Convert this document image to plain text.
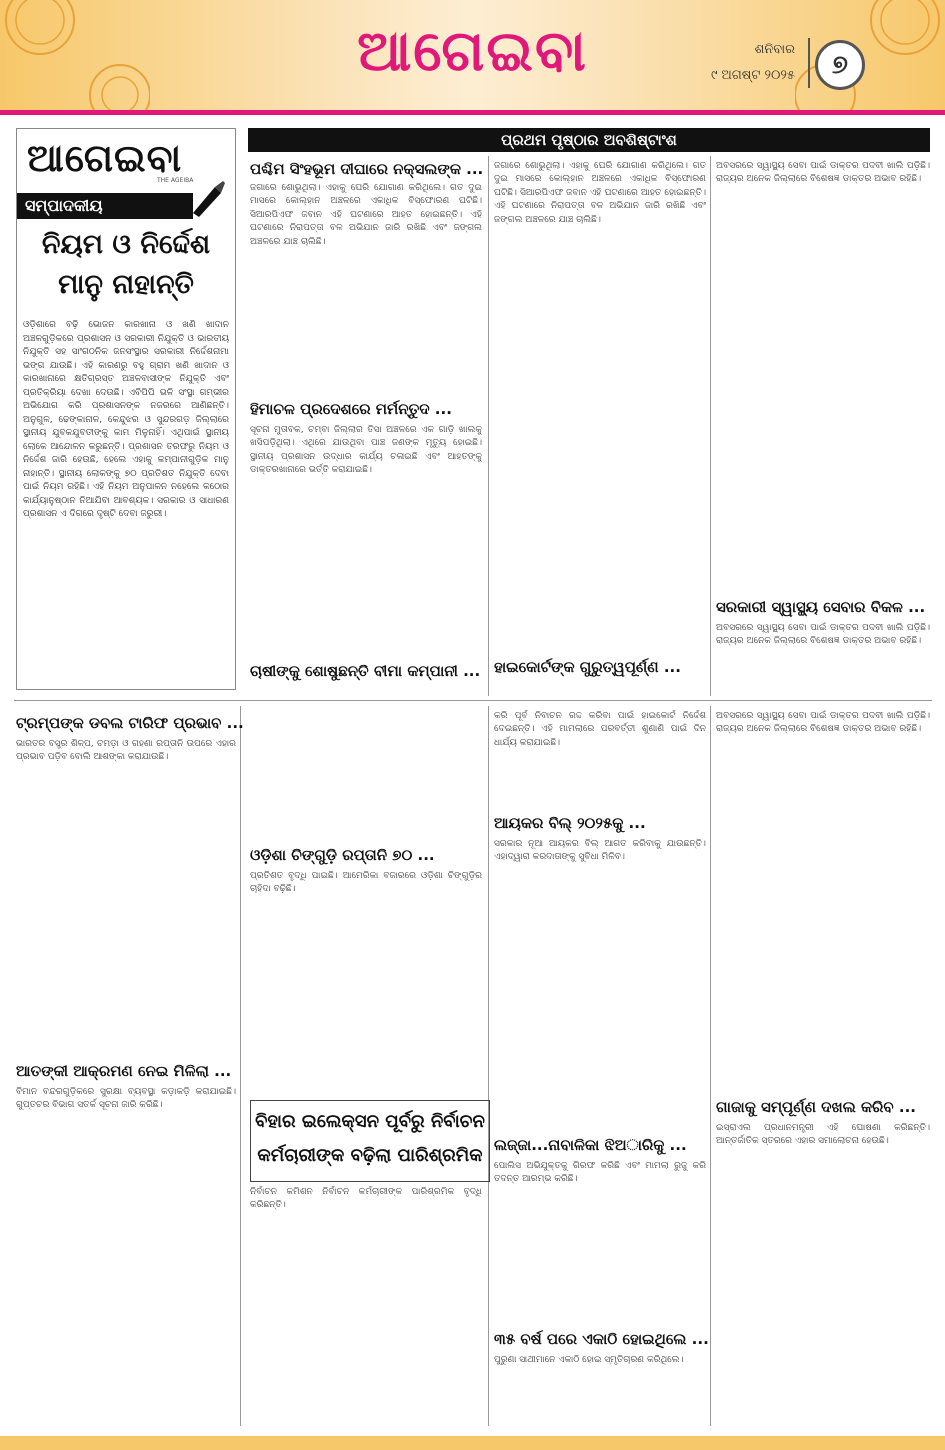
ଆଗେଇବା	ଶନିବାର
୯ ଅଗଷ୍ଟ ୨୦୨୫	୭
ଆଗେଇବା
THE AGEIBA
ସମ୍ପାଦକୀୟ
ନିୟମ ଓ ନିର୍ଦ୍ଦେଶ ମାନୁ ନାହାନ୍ତି
ଓଡ଼ିଶାରେ ବଢ଼ି ଭୋଜନ କାରଖାନା ଓ ଖଣି ଖାଦାନ ଅଞ୍ଚଳଗୁଡ଼ିକରେ ପ୍ରଶାସନ ଓ ସରକାରୀ ନିଯୁକ୍ତି ଓ ଭାରତୀୟ ନିଯୁକ୍ତି ସହ ସାଂଗଠନିକ ଜନସଂସ୍ଥାର ସରକାରୀ ନିର୍ଦ୍ଦେଶନାମା ଭଙ୍ଗ ଯାଉଛି। ଏହି କାରଣରୁ ବହୁ ଗ୍ରାମ ଖଣି ଖାଦାନ ଓ କାରଖାନାରେ କ୍ଷତିଗ୍ରସ୍ତ ଅଞ୍ଚଳବାସୀଙ୍କ ନିଯୁକ୍ତି ଏବଂ ପ୍ରତିକ୍ରିୟା ଦେଖା ଦେଉଛି। ଏବିପିପି ଭଳି ସଂସ୍ଥା ଗମ୍ଭୀର ଅଭିଯୋଗ କରି ପ୍ରଶାସନଙ୍କ ନଜରରେ ଆଣିଛନ୍ତି। ଅନୁଗୁଳ, ଢେଙ୍କାନାଳ, କେନ୍ଦୁଝର ଓ ସୁନ୍ଦରଗଡ଼ ଜିଲ୍ଲାରେ ସ୍ଥାନୀୟ ଯୁବକଯୁବତୀଙ୍କୁ କାମ ମିଳୁନାହିଁ। ଏଥିପାଇଁ ସ୍ଥାନୀୟ ଲୋକେ ଆନ୍ଦୋଳନ କରୁଛନ୍ତି। ପ୍ରଶାସନ ତରଫରୁ ନିୟମ ଓ ନିର୍ଦ୍ଦେଶ ଜାରି ହେଉଛି, ହେଲେ ଏହାକୁ କମ୍ପାନୀଗୁଡ଼ିକ ମାନୁ ନାହାନ୍ତି। ସ୍ଥାନୀୟ ଲୋକଙ୍କୁ ୭୦ ପ୍ରତିଶତ ନିଯୁକ୍ତି ଦେବା ପାଇଁ ନିୟମ ରହିଛି। ଏହି ନିୟମ ଅନୁପାଳନ ନହେଲେ କଠୋର କାର୍ଯ୍ୟାନୁଷ୍ଠାନ ନିଆଯିବା ଆବଶ୍ୟକ। ସରକାର ଓ ସାଧାରଣ ପ୍ରଶାସନ ଏ ଦିଗରେ ଦୃଷ୍ଟି ଦେବା ଜରୁରୀ।
ପ୍ରଥମ ପୃଷ୍ଠାର ଅବଶିଷ୍ଟାଂଶ
ପଶ୍ଚିମ ସିଂହଭୂମ ଦୀଘାରେ ନକ୍ସଲଙ୍କ ...
ଜଗାରେ ଶୋଭୁଥିଲା। ଏହାକୁ ଘେରି ଯୋଗାଣ କରିଥିଲେ। ଗତ ଦୁଇ ମାସରେ କୋଲ୍ହାନ ଅଞ୍ଚଳରେ ଏକାଧିକ ବିସ୍ଫୋରଣ ଘଟିଛି। ସିଆରପିଏଫ ଜବାନ ଏହି ଘଟଣାରେ ଆହତ ହୋଇଛନ୍ତି। ଏହି ଘଟଣାରେ ନିରାପତ୍ତା ବଳ ଅଭିଯାନ ଜାରି ରଖିଛି ଏବଂ ଜଙ୍ଗଲ ଅଞ୍ଚଳରେ ଯାଞ୍ଚ ଚାଲିଛି।
ହିମାଚଳ ପ୍ରଦେଶରେ ମର୍ମନ୍ତୁଦ ...
ସୂଚନା ମୁତାବକ, ଚମ୍ବା ଜିଲ୍ଲାର ତିସା ଅଞ୍ଚଳରେ ଏକ ଗାଡ଼ି ଖାଲକୁ ଖସିପଡ଼ିଥିଲା। ଏଥିରେ ଯାଉଥିବା ପାଞ୍ଚ ଜଣଙ୍କ ମୃତ୍ୟୁ ହୋଇଛି। ସ୍ଥାନୀୟ ପ୍ରଶାସନ ଉଦ୍ଧାର କାର୍ଯ୍ୟ ଚଳାଇଛି ଏବଂ ଆହତଙ୍କୁ ଡାକ୍ତରଖାନାରେ ଭର୍ତ୍ତି କରାଯାଇଛି।
ଜଗାରେ ଶୋଭୁଥିଲା। ଏହାକୁ ଘେରି ଯୋଗାଣ କରିଥିଲେ। ଗତ ଦୁଇ ମାସରେ କୋଲ୍ହାନ ଅଞ୍ଚଳରେ ଏକାଧିକ ବିସ୍ଫୋରଣ ଘଟିଛି। ସିଆରପିଏଫ ଜବାନ ଏହି ଘଟଣାରେ ଆହତ ହୋଇଛନ୍ତି। ଏହି ଘଟଣାରେ ନିରାପତ୍ତା ବଳ ଅଭିଯାନ ଜାରି ରଖିଛି ଏବଂ ଜଙ୍ଗଲ ଅଞ୍ଚଳରେ ଯାଞ୍ଚ ଚାଲିଛି।
ହାଇକୋର୍ଟଙ୍କ ଗୁରୁତ୍ୱପୂର୍ଣ୍ଣ ...
ଚାଷୀଙ୍କୁ ଶୋଷୁଛନ୍ତି ବୀମା କମ୍ପାନୀ ...
ଅବସରରେ ସ୍ୱାସ୍ଥ୍ୟ ସେବା ପାଇଁ ଡାକ୍ତର ପଦବୀ ଖାଲି ପଡ଼ିଛି। ରାଜ୍ୟର ଅନେକ ଜିଲ୍ଲାରେ ବିଶେଷଜ୍ଞ ଡାକ୍ତର ଅଭାବ ରହିଛି।
ସରକାରୀ ସ୍ୱାସ୍ଥ୍ୟ ସେବାର ବିକଳ ...
ଅବସରରେ ସ୍ୱାସ୍ଥ୍ୟ ସେବା ପାଇଁ ଡାକ୍ତର ପଦବୀ ଖାଲି ପଡ଼ିଛି। ରାଜ୍ୟର ଅନେକ ଜିଲ୍ଲାରେ ବିଶେଷଜ୍ଞ ଡାକ୍ତର ଅଭାବ ରହିଛି।
ଟ୍ରମ୍ପଙ୍କ ଡବଲ ଟାରିଫ ପ୍ରଭାବ ...
ଭାରତର ବସ୍ତ୍ର ଶିଳ୍ପ, ଚମଡ଼ା ଓ ଗହଣା ରପ୍ତାନି ଉପରେ ଏହାର ପ୍ରଭାବ ପଡ଼ିବ ବୋଲି ଆଶଙ୍କା କରାଯାଉଛି।
ଓଡ଼ିଶା ଚିଙ୍ଗୁଡ଼ି ରପ୍ତାନି ୭୦ ...
ପ୍ରତିଶତ ବୃଦ୍ଧି ପାଇଛି। ଆମେରିକା ବଜାରରେ ଓଡ଼ିଶା ଚିଙ୍ଗୁଡ଼ିର ଚାହିଦା ବଢ଼ିଛି।
କରି ପୂର୍ବ ନିବାଚନ ରଦ୍ଦ କରିବା ପାଇଁ ହାଇକୋର୍ଟ ନିର୍ଦ୍ଦେଶ ଦେଇଛନ୍ତି। ଏହି ମାମଲାରେ ପରବର୍ତ୍ତୀ ଶୁଣାଣି ପାଇଁ ଦିନ ଧାର୍ଯ୍ୟ କରାଯାଇଛି।
ଆୟକର ବିଲ୍ ୨୦୨୫କୁ ...
ସରକାର ନୂଆ ଆୟକର ବିଲ୍ ଆଗତ କରିବାକୁ ଯାଉଛନ୍ତି। ଏହାଦ୍ୱାରା କରଦାତାଙ୍କୁ ସୁବିଧା ମିଳିବ।
ଲଜ୍ଜା...ନାବାଳିକା ଝିଅାରିକୁ ...
ପୋଲିସ ଅଭିଯୁକ୍ତକୁ ଗିରଫ କରିଛି ଏବଂ ମାମଲା ରୁଜୁ କରି ତଦନ୍ତ ଆରମ୍ଭ କରିଛି।
୩୫ ବର୍ଷ ପରେ ଏକାଠି ହୋଇଥିଲେ ...
ପୁରୁଣା ସାଥୀମାନେ ଏକାଠି ହୋଇ ସ୍ମୃତିଚାରଣ କରିଥିଲେ।
ଅବସରରେ ସ୍ୱାସ୍ଥ୍ୟ ସେବା ପାଇଁ ଡାକ୍ତର ପଦବୀ ଖାଲି ପଡ଼ିଛି। ରାଜ୍ୟର ଅନେକ ଜିଲ୍ଲାରେ ବିଶେଷଜ୍ଞ ଡାକ୍ତର ଅଭାବ ରହିଛି।
ଗାଜାକୁ ସମ୍ପୂର୍ଣ୍ଣ ଦଖଲ କରିବ ...
ଇସ୍ରାଏଲ ପ୍ରଧାନମନ୍ତ୍ରୀ ଏହି ଘୋଷଣା କରିଛନ୍ତି। ଆନ୍ତର୍ଜାତିକ ସ୍ତରରେ ଏହାର ସମାଲୋଚନା ହେଉଛି।
ଆତଙ୍କୀ ଆକ୍ରମଣ ନେଇ ମିଳିଲା ...
ବିମାନ ବନ୍ଦରଗୁଡ଼ିକରେ ସୁରକ୍ଷା ବ୍ୟବସ୍ଥା କଡ଼ାକଡ଼ି କରାଯାଇଛି। ଗୁପ୍ତଚର ବିଭାଗ ସତର୍କ ସୂଚନା ଜାରି କରିଛି।
ବିହାର ଇଲେକ୍ସନ ପୂର୍ବରୁ ନିର୍ବାଚନ କର୍ମଚାରୀଙ୍କ ବଢ଼ିଲା ପାରିଶ୍ରମିକ
ନିର୍ବାଚନ କମିଶନ ନିର୍ବାଚନ କର୍ମଚାରୀଙ୍କ ପାରିଶ୍ରମିକ ବୃଦ୍ଧି କରିଛନ୍ତି।
